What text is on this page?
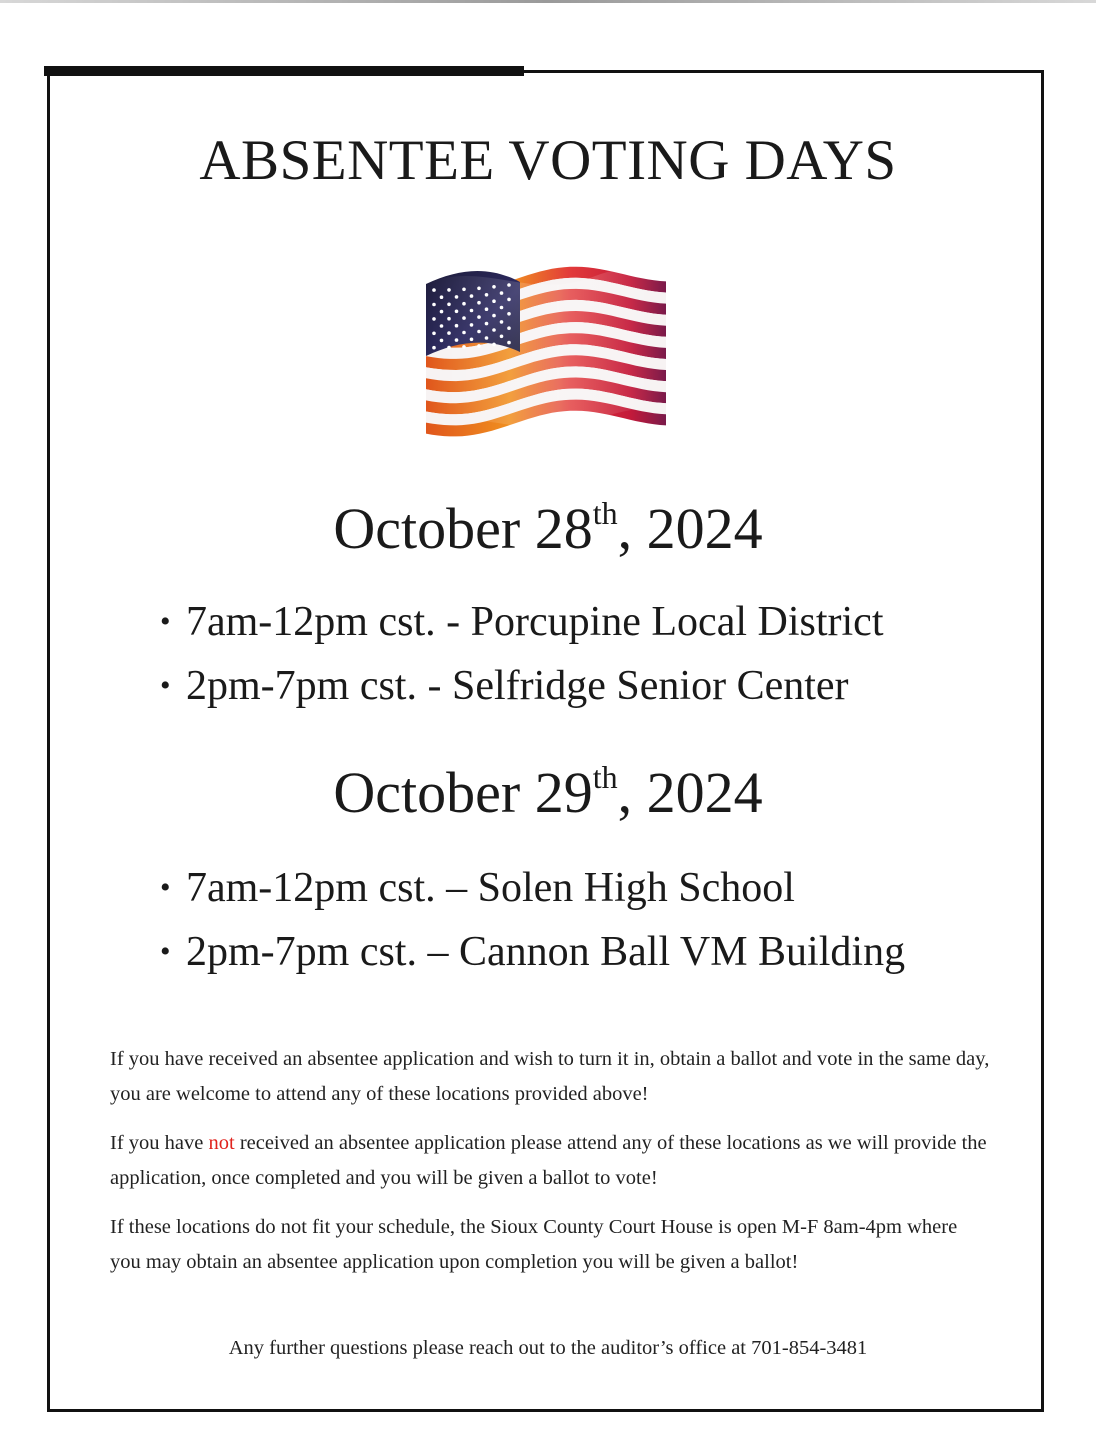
ABSENTEE VOTING DAYS
October 28th, 2024
• 7am-12pm cst. - Porcupine Local District
• 2pm-7pm cst. - Selfridge Senior Center
October 29th, 2024
• 7am-12pm cst. – Solen High School
• 2pm-7pm cst. – Cannon Ball VM Building

If you have received an absentee application and wish to turn it in, obtain a ballot and vote in the same day, you are welcome to attend any of these locations provided above!

If you have not received an absentee application please attend any of these locations as we will provide the application, once completed and you will be given a ballot to vote!

If these locations do not fit your schedule, the Sioux County Court House is open M-F 8am-4pm where you may obtain an absentee application upon completion you will be given a ballot!

Any further questions please reach out to the auditor’s office at 701-854-3481
